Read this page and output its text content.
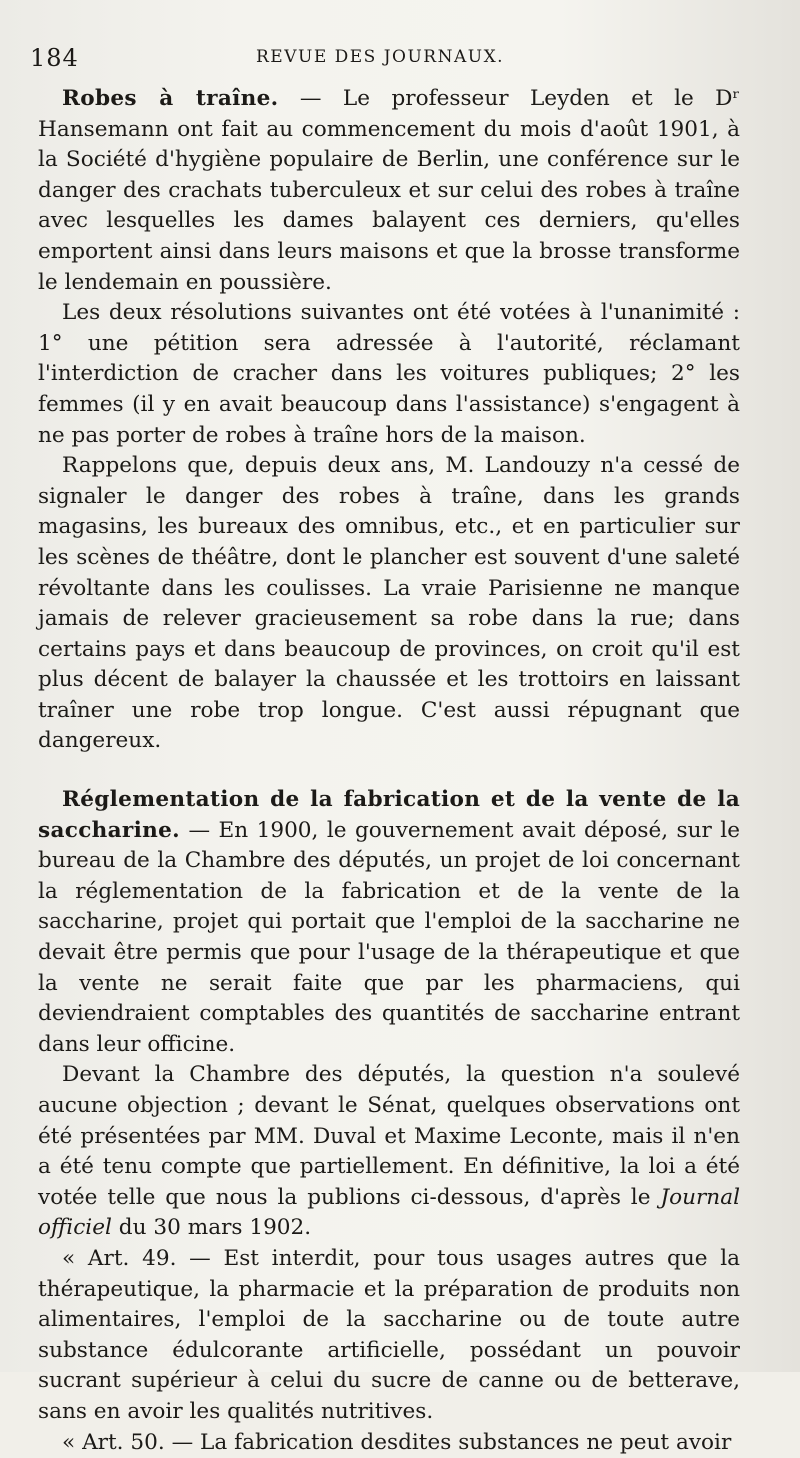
184	REVUE DES JOURNAUX.

Robes à traîne. — Le professeur Leyden et le Dʳ Hansemann ont fait au commencement du mois d'août 1901, à la Société d'hygiène populaire de Berlin, une conférence sur le danger des crachats tuberculeux et sur celui des robes à traîne avec lesquelles les dames balayent ces derniers, qu'elles emportent ainsi dans leurs maisons et que la brosse transforme le lendemain en poussière.

Les deux résolutions suivantes ont été votées à l'unanimité : 1° une pétition sera adressée à l'autorité, réclamant l'interdiction de cracher dans les voitures publiques; 2° les femmes (il y en avait beaucoup dans l'assistance) s'engagent à ne pas porter de robes à traîne hors de la maison.

Rappelons que, depuis deux ans, M. Landouzy n'a cessé de signaler le danger des robes à traîne, dans les grands magasins, les bureaux des omnibus, etc., et en particulier sur les scènes de théâtre, dont le plancher est souvent d'une saleté révoltante dans les coulisses. La vraie Parisienne ne manque jamais de relever gracieusement sa robe dans la rue; dans certains pays et dans beaucoup de provinces, on croit qu'il est plus décent de balayer la chaussée et les trottoirs en laissant traîner une robe trop longue. C'est aussi répugnant que dangereux.

Réglementation de la fabrication et de la vente de la saccharine. — En 1900, le gouvernement avait déposé, sur le bureau de la Chambre des députés, un projet de loi concernant la réglementation de la fabrication et de la vente de la saccharine, projet qui portait que l'emploi de la saccharine ne devait être permis que pour l'usage de la thérapeutique et que la vente ne serait faite que par les pharmaciens, qui deviendraient comptables des quantités de saccharine entrant dans leur officine.

Devant la Chambre des députés, la question n'a soulevé aucune objection ; devant le Sénat, quelques observations ont été présentées par MM. Duval et Maxime Leconte, mais il n'en a été tenu compte que partiellement. En définitive, la loi a été votée telle que nous la publions ci-dessous, d'après le Journal officiel du 30 mars 1902.

« Art. 49. — Est interdit, pour tous usages autres que la thérapeutique, la pharmacie et la préparation de produits non alimentaires, l'emploi de la saccharine ou de toute autre substance édulcorante artificielle, possédant un pouvoir sucrant supérieur à celui du sucre de canne ou de betterave, sans en avoir les qualités nutritives.

« Art. 50. — La fabrication desdites substances ne peut avoir
